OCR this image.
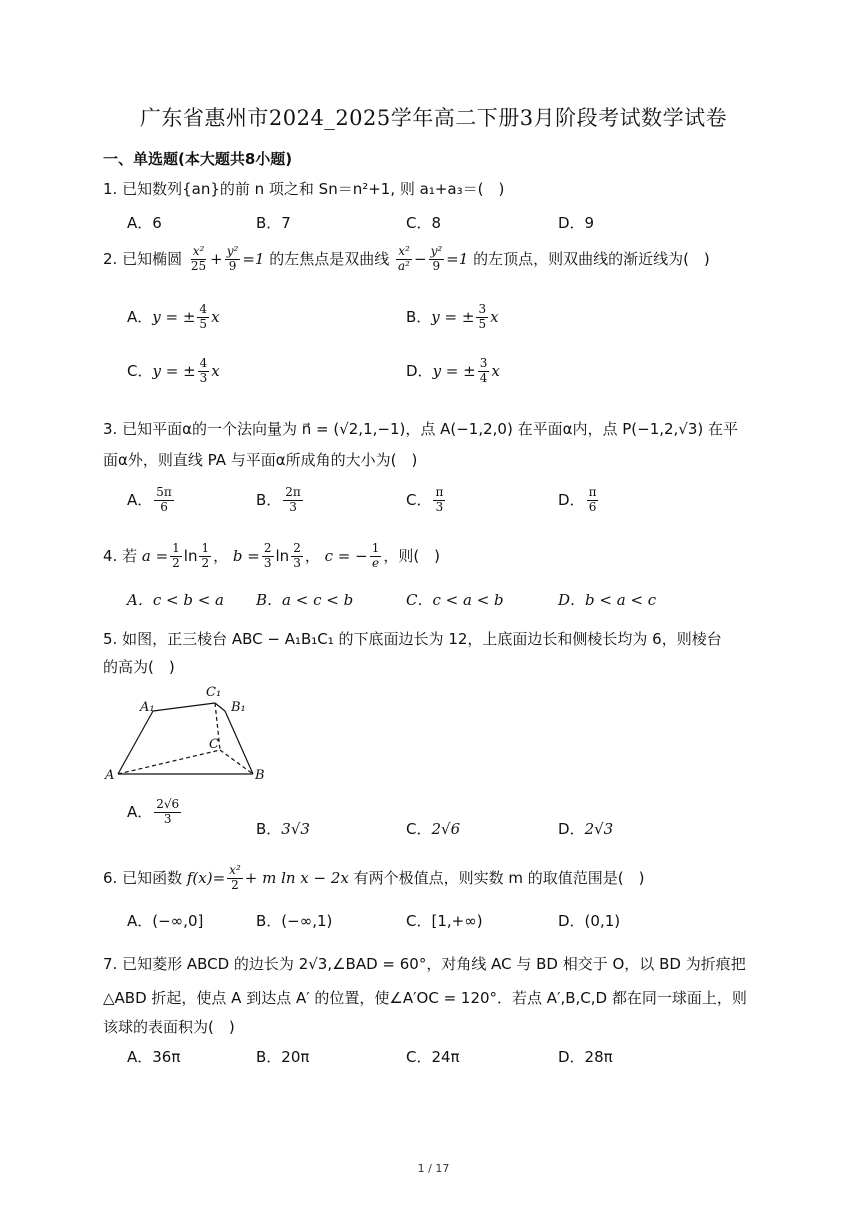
广东省惠州市2024_2025学年高二下册3月阶段考试数学试卷
一、单选题(本大题共8小题)
1. 已知数列{an}的前 n 项之和 Sn＝n²+1, 则 a₁+a₃＝(　)
A．6	B．7	C．8	D．9
2. 已知椭圆 $\frac{\text{x²}}{25} + \frac{\text{y²}}{9} =1$ 的左焦点是双曲线 $\frac{\text{x²}}{\text{a²}} - \frac{\text{y²}}{9} =1$ 的左顶点，则双曲线的渐近线为(　)
A．y = ± $\frac{4}{5}$ x	B．y = ± $\frac{3}{5}$ x
C．y = ± $\frac{4}{3}$ x	D．y = ± $\frac{3}{4}$ x
3. 已知平面α的一个法向量为 n⃗ = (√2,1,−1)，点 A(−1,2,0) 在平面α内，点 P(−1,2,√3) 在平
面α外，则直线 PA 与平面α所成角的大小为(　)
A． $\frac{5\pi}{6}$	B． $\frac{2\pi}{3}$	C． $\frac{\pi}{3}$	D． $\frac{\pi}{6}$
4. 若 $a = \frac{1}{2}$ $\ln \frac{1}{2}$ ， $b = \frac{2}{3}$ $\ln \frac{2}{3}$ ， c = − $\frac{1}{e}$ ，则(　)
A．c < b < a B．a < c < b	C．c < a < b	D．b < a < c
5. 如图，正三棱台 ABC − A₁B₁C₁ 的下底面边长为 12，上底面边长和侧棱长均为 6，则棱台
的高为(　)
A₁
C₁
B₁
C
A	B
A． $\frac{2√6}{3}$
B．3√3	C．2√6	D．2√3
6. 已知函数 $f(x)= \frac{\text{x²}}{2} + m$ ln x − 2x 有两个极值点，则实数 m 的取值范围是(　)
A．(−∞,0]	B．(−∞,1)	C．[1,+∞)	D．(0,1)
7. 已知菱形 ABCD 的边长为 2√3,∠BAD = 60°，对角线 AC 与 BD 相交于 O，以 BD 为折痕把
△ABD 折起，使点 A 到达点 A′ 的位置，使∠A′OC = 120°．若点 A′,B,C,D 都在同一球面上，则
该球的表面积为(　)
A．36π	B．20π	C．24π	D．28π
1 / 17
